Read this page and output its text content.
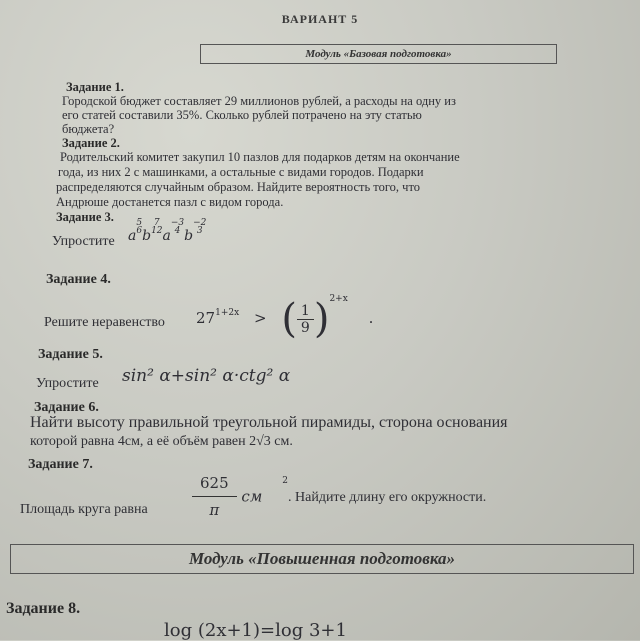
ВАРИАНТ 5
Модуль «Базовая подготовка»
Задание 1.
Городской бюджет составляет 29 миллионов рублей, а расходы на одну из
его статей составили 35%. Сколько рублей потрачено на эту статью
бюджета?
Задание 2.
Родительский комитет закупил 10 пазлов для подарков детям на окончание
года, из них 2 с машинками, а остальные с видами городов. Подарки
распределяются случайным образом. Найдите вероятность того, что
Андрюше достанется пазл с видом города.
Задание 3.
Упростите a5
6b7
12a−3
4 b−2
3
Задание 4.
Решите неравенство $27^{1+2x}$ > ( $\frac{1}{9} )^{2+x}$ .
Задание 5.
Упростите sin² α+sin² α·ctg² α
Задание 6.
Найти высоту правильной треугольной пирамиды, сторона основания
которой равна 4см, а её объём равен 2√3 см.
Задание 7.
Площадь круга равна	$\frac{625}{\pi} см^2$
. Найдите длину его окружности.
Модуль «Повышенная подготовка»
Задание 8.
log (2x+1)=log 3+1
